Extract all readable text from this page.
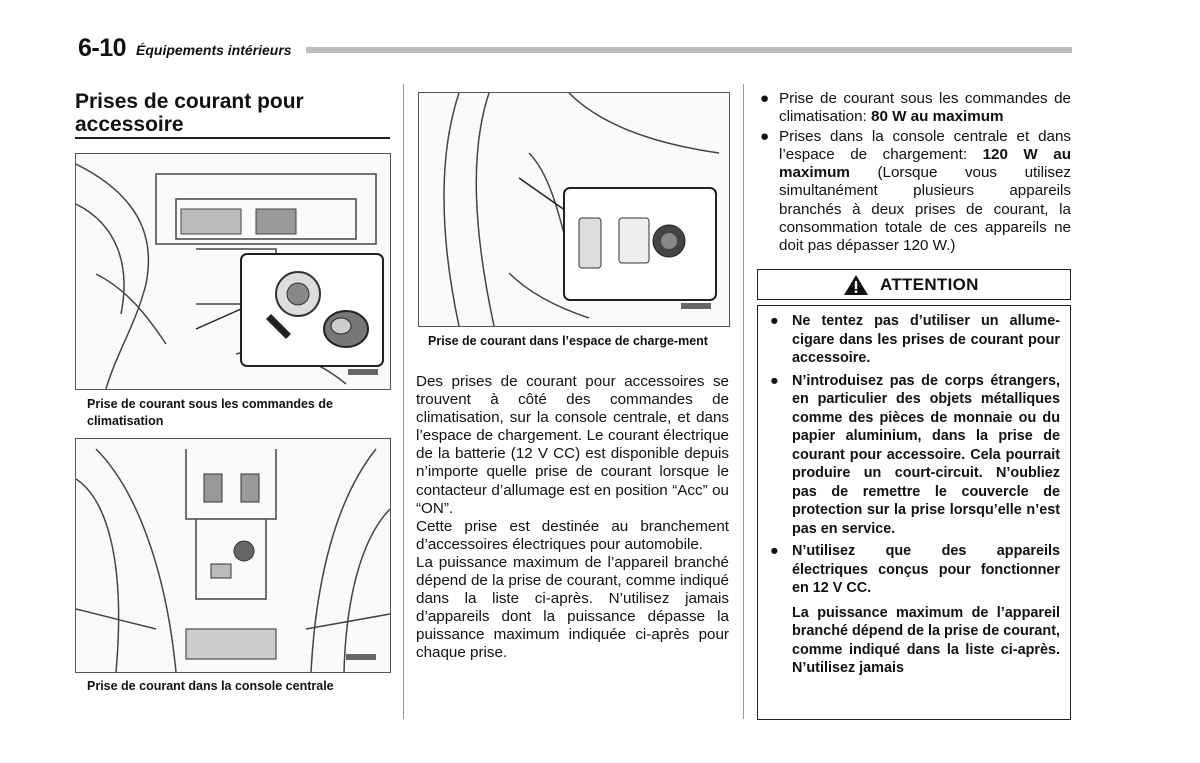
6-10 Équipements intérieurs
Prises de courant pour accessoire
Prise de courant sous les commandes de climatisation
Prise de courant dans la console centrale
Prise de courant dans l’espace de charge-ment

Des prises de courant pour accessoires se trouvent à côté des commandes de climatisation, sur la console centrale, et dans l’espace de chargement. Le courant électrique de la batterie (12 V CC) est disponible depuis n’importe quelle prise de courant lorsque le contacteur d’allumage est en position “Acc” ou “ON”.

Cette prise est destinée au branchement d’accessoires électriques pour automobile.

La puissance maximum de l’appareil branché dépend de la prise de courant, comme indiqué dans la liste ci-après. N’utilisez jamais d’appareils dont la puissance dépasse la puissance maximum indiquée ci-après pour chaque prise.

● Prise de courant sous les commandes de climatisation: 80 W au maximum
● Prises dans la console centrale et dans l’espace de chargement: 120 W au maximum (Lorsque vous utilisez simultanément plusieurs appareils branchés à deux prises de courant, la consommation totale de ces appareils ne doit pas dépasser 120 W.)
ATTENTION
● Ne tentez pas d’utiliser un allume-cigare dans les prises de courant pour accessoire.
● N’introduisez pas de corps étrangers, en particulier des objets métalliques comme des pièces de monnaie ou du papier aluminium, dans la prise de courant pour accessoire. Cela pourrait produire un court-circuit. N’oubliez pas de remettre le couvercle de protection sur la prise lorsqu’elle n’est pas en service.
● N’utilisez que des appareils électriques conçus pour fonctionner en 12 V CC.
La puissance maximum de l’appareil branché dépend de la prise de courant, comme indiqué dans la liste ci-après. N’utilisez jamais
